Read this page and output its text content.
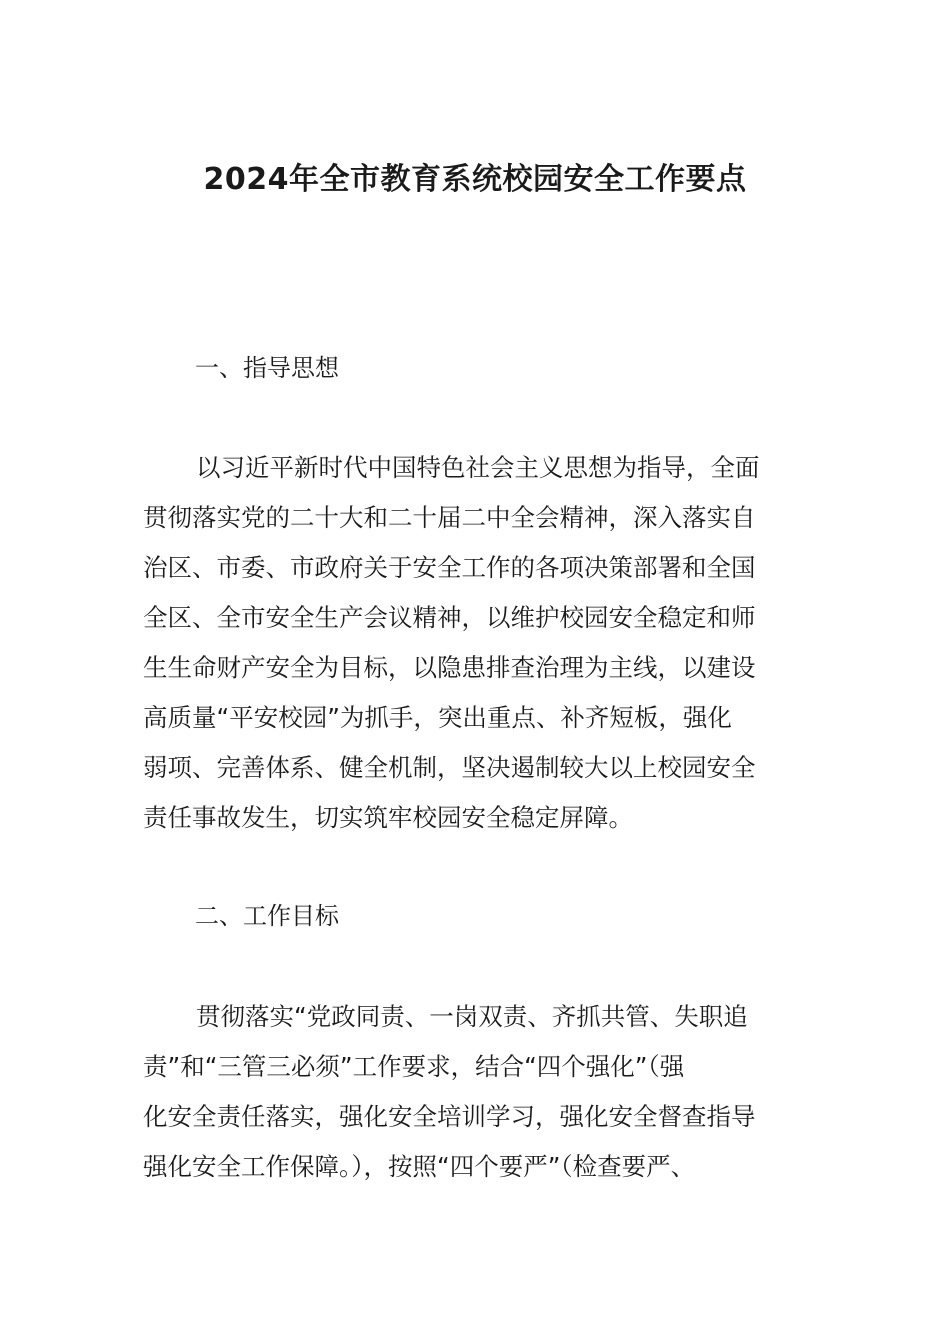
2024年全市教育系统校园安全工作要点
一、指导思想
以习近平新时代中国特色社会主义思想为指导，全面
贯彻落实党的二十大和二十届二中全会精神，深入落实自
治区、市委、市政府关于安全工作的各项决策部署和全国
全区、全市安全生产会议精神，以维护校园安全稳定和师
生生命财产安全为目标，以隐患排查治理为主线，以建设
高质量“平安校园”为抓手，突出重点、补齐短板，强化
弱项、完善体系、健全机制，坚决遏制较大以上校园安全
责任事故发生，切实筑牢校园安全稳定屏障。
二、工作目标
贯彻落实“党政同责、一岗双责、齐抓共管、失职追
责”和“三管三必须”工作要求，结合“四个强化”（强
化安全责任落实，强化安全培训学习，强化安全督查指导
强化安全工作保障。），按照“四个要严”（检查要严、
